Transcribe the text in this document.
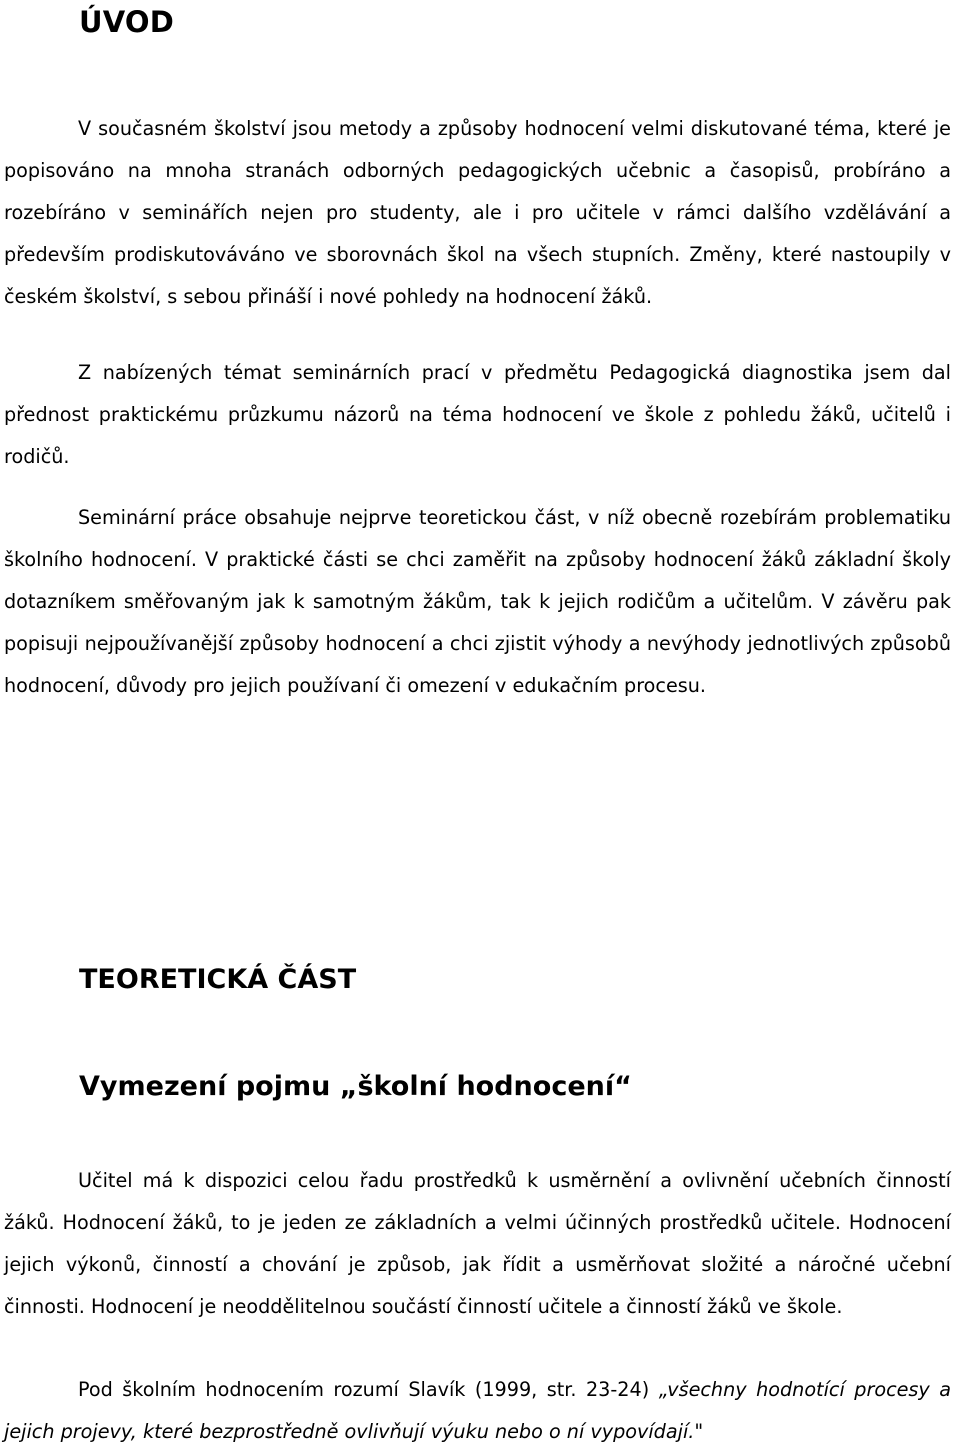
ÚVOD

V současném školství jsou metody a způsoby hodnocení velmi diskutované téma, které je popisováno na mnoha stranách odborných pedagogických učebnic a časopisů, probíráno a rozebíráno v seminářích nejen pro studenty, ale i pro učitele v rámci dalšího vzdělávání a především prodiskutováváno ve sborovnách škol na všech stupních. Změny, které nastoupily v českém školství, s sebou přináší i nové pohledy na hodnocení žáků.

Z nabízených témat seminárních prací v předmětu Pedagogická diagnostika jsem dal přednost praktickému průzkumu názorů na téma hodnocení ve škole z pohledu žáků, učitelů i rodičů.

Seminární práce obsahuje nejprve teoretickou část, v níž obecně rozebírám problematiku školního hodnocení. V praktické části se chci zaměřit na způsoby hodnocení žáků základní školy dotazníkem směřovaným jak k samotným žákům, tak k jejich rodičům a učitelům. V závěru pak popisuji nejpoužívanější způsoby hodnocení a chci zjistit výhody a nevýhody jednotlivých způsobů hodnocení, důvody pro jejich používaní či omezení v edukačním procesu.

TEORETICKÁ ČÁST
Vymezení pojmu „školní hodnocení“

Učitel má k dispozici celou řadu prostředků k usměrnění a ovlivnění učebních činností žáků. Hodnocení žáků, to je jeden ze základních a velmi účinných prostředků učitele. Hodnocení jejich výkonů, činností a chování je způsob, jak řídit a usměrňovat složité a náročné učební činnosti. Hodnocení je neoddělitelnou součástí činností učitele a činností žáků ve škole.

Pod školním hodnocením rozumí Slavík (1999, str. 23-24) „všechny hodnotící procesy a jejich projevy, které bezprostředně ovlivňují výuku nebo o ní vypovídají."
